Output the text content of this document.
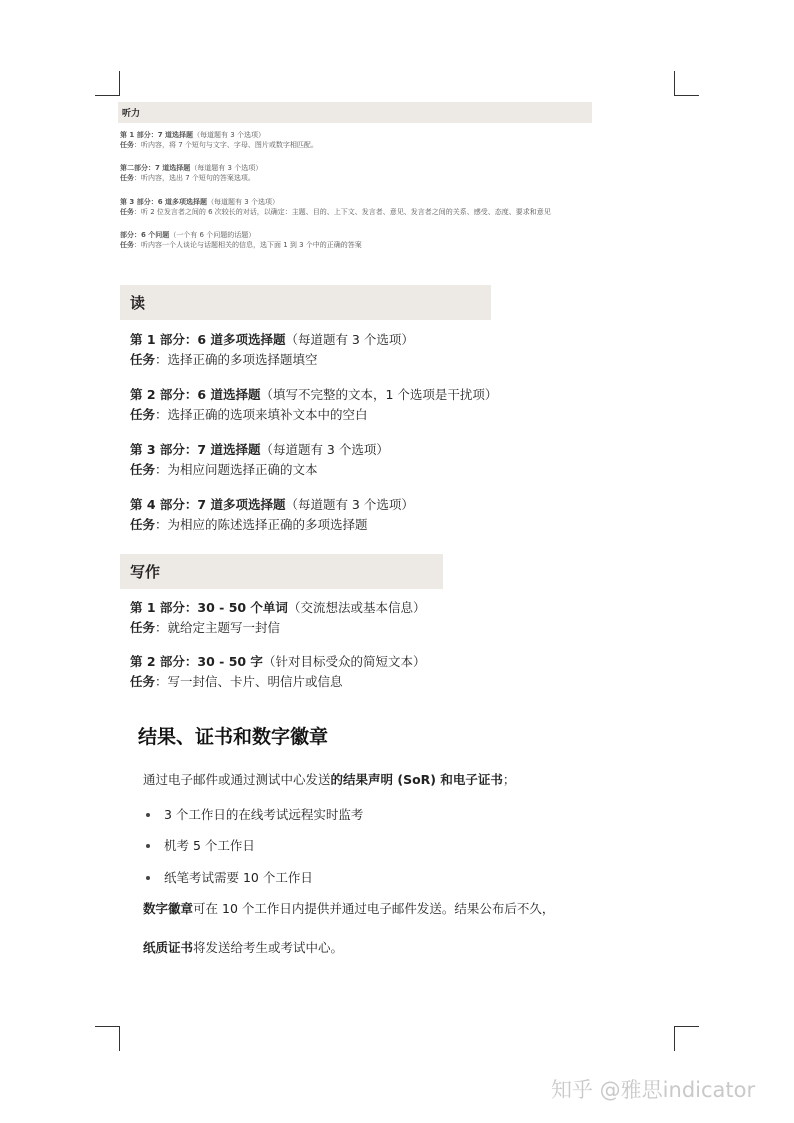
听力
第 1 部分：7 道选择题（每道题有 3 个选项）
任务：听内容，将 7 个短句与文字、字母、图片或数字相匹配。
第二部分：7 道选择题（每道题有 3 个选项）
任务：听内容，选出 7 个短句的答案选项。
第 3 部分：6 道多项选择题（每道题有 3 个选项）
任务：听 2 位发言者之间的 6 次较长的对话，以确定：主题、目的、上下文、发言者、意见、发言者之间的关系、感受、态度、要求和意见
部分：6 个问题（一个有 6 个问题的话题）
任务：听内容一个人谈论与话题相关的信息，选下面 1 到 3 个中的正确的答案
读
第 1 部分：6 道多项选择题（每道题有 3 个选项）
任务：选择正确的多项选择题填空
第 2 部分：6 道选择题（填写不完整的文本，1 个选项是干扰项）
任务：选择正确的选项来填补文本中的空白
第 3 部分：7 道选择题（每道题有 3 个选项）
任务：为相应问题选择正确的文本
第 4 部分：7 道多项选择题（每道题有 3 个选项）
任务：为相应的陈述选择正确的多项选择题
写作
第 1 部分：30 - 50 个单词（交流想法或基本信息）
任务：就给定主题写一封信
第 2 部分：30 - 50 字（针对目标受众的简短文本）
任务：写一封信、卡片、明信片或信息
结果、证书和数字徽章
通过电子邮件或通过测试中心发送的结果声明 (SoR) 和电子证书；
3 个工作日的在线考试远程实时监考
机考 5 个工作日
纸笔考试需要 10 个工作日
数字徽章可在 10 个工作日内提供并通过电子邮件发送。结果公布后不久，
纸质证书将发送给考生或考试中心。
知乎 @雅思indicator
